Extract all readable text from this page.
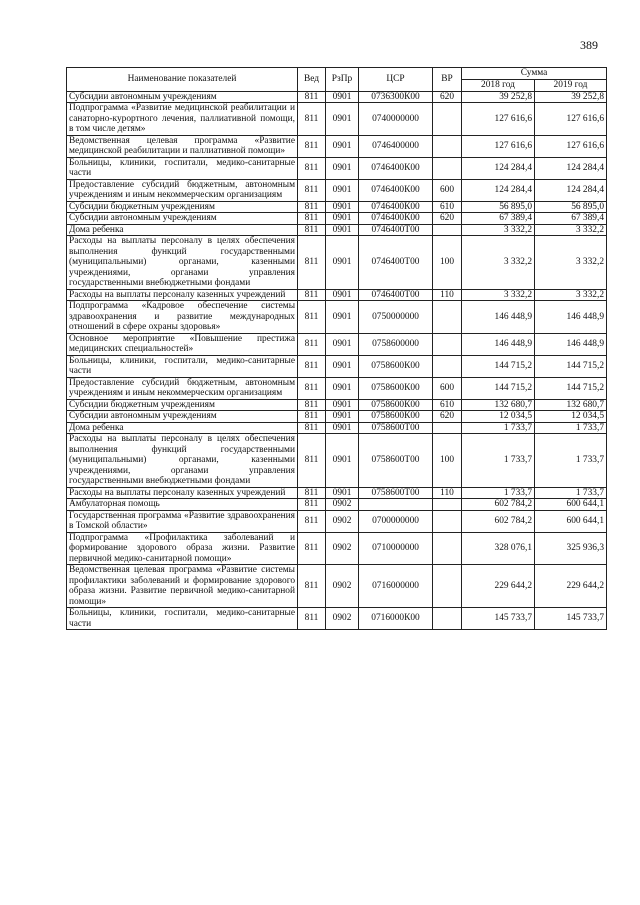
389
Наименование показателей	Вед	РзПр	ЦСР	ВР	Сумма	
					2018 год	2019 год
Субсидии автономным учреждениям	811	0901	0736300К00	620	39 252,8	39 252,8
Подпрограмма «Развитие медицинской реабилитации и санаторно-курортного лечения, паллиативной помощи, в том числе детям»	811	0901	0740000000		127 616,6	127 616,6
Ведомственная целевая программа «Развитие медицинской реабилитации и паллиативной помощи»	811	0901	0746400000		127 616,6	127 616,6
Больницы, клиники, госпитали, медико-санитарные части	811	0901	0746400К00		124 284,4	124 284,4
Предоставление субсидий бюджетным, автономным учреждениям и иным некоммерческим организациям	811	0901	0746400К00	600	124 284,4	124 284,4
Субсидии бюджетным учреждениям	811	0901	0746400К00	610	56 895,0	56 895,0
Субсидии автономным учреждениям	811	0901	0746400К00	620	67 389,4	67 389,4
Дома ребенка	811	0901	0746400Т00		3 332,2	3 332,2
Расходы на выплаты персоналу в целях обеспечения выполнения функций государственными (муниципальными) органами, казенными учреждениями, органами управления государственными внебюджетными фондами	811	0901	0746400Т00	100	3 332,2	3 332,2
Расходы на выплаты персоналу казенных учреждений	811	0901	0746400Т00	110	3 332,2	3 332,2
Подпрограмма «Кадровое обеспечение системы здравоохранения и развитие международных отношений в сфере охраны здоровья»	811	0901	0750000000		146 448,9	146 448,9
Основное мероприятие «Повышение престижа медицинских специальностей»	811	0901	0758600000		146 448,9	146 448,9
Больницы, клиники, госпитали, медико-санитарные части	811	0901	0758600К00		144 715,2	144 715,2
Предоставление субсидий бюджетным, автономным учреждениям и иным некоммерческим организациям	811	0901	0758600К00	600	144 715,2	144 715,2
Субсидии бюджетным учреждениям	811	0901	0758600К00	610	132 680,7	132 680,7
Субсидии автономным учреждениям	811	0901	0758600К00	620	12 034,5	12 034,5
Дома ребенка	811	0901	0758600Т00		1 733,7	1 733,7
Расходы на выплаты персоналу в целях обеспечения выполнения функций государственными (муниципальными) органами, казенными учреждениями, органами управления государственными внебюджетными фондами	811	0901	0758600Т00	100	1 733,7	1 733,7
Расходы на выплаты персоналу казенных учреждений	811	0901	0758600Т00	110	1 733,7	1 733,7
Амбулаторная помощь	811	0902			602 784,2	600 644,1
Государственная программа «Развитие здравоохранения в Томской области»	811	0902	0700000000		602 784,2	600 644,1
Подпрограмма «Профилактика заболеваний и формирование здорового образа жизни. Развитие первичной медико-санитарной помощи»	811	0902	0710000000		328 076,1	325 936,3
Ведомственная целевая программа «Развитие системы профилактики заболеваний и формирование здорового образа жизни. Развитие первичной медико-санитарной помощи»	811	0902	0716000000		229 644,2	229 644,2
Больницы, клиники, госпитали, медико-санитарные части	811	0902	0716000К00		145 733,7	145 733,7
